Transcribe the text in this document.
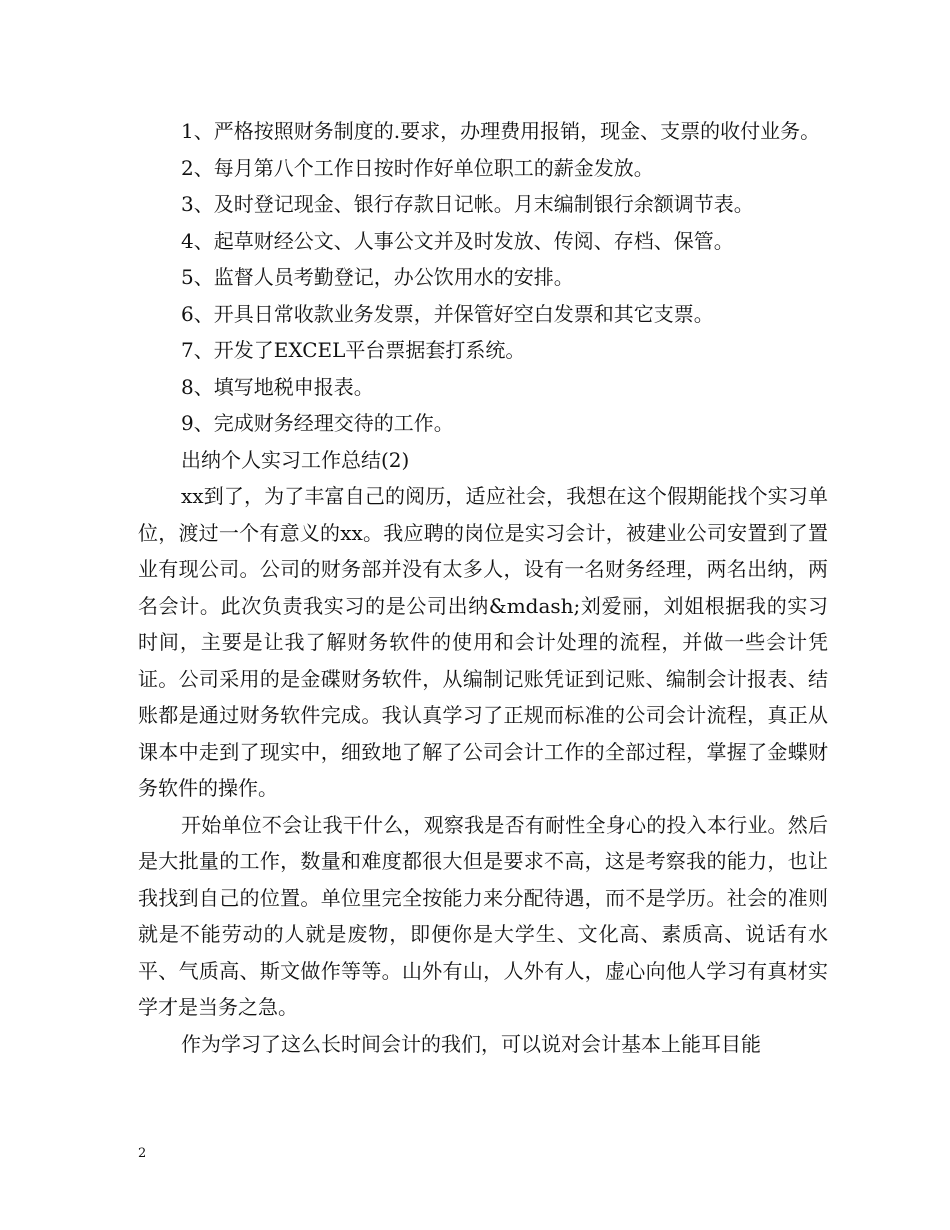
1、严格按照财务制度的.要求，办理费用报销，现金、支票的收付业务。

2、每月第八个工作日按时作好单位职工的薪金发放。

3、及时登记现金、银行存款日记帐。月末编制银行余额调节表。

4、起草财经公文、人事公文并及时发放、传阅、存档、保管。

5、监督人员考勤登记，办公饮用水的安排。

6、开具日常收款业务发票，并保管好空白发票和其它支票。

7、开发了EXCEL平台票据套打系统。

8、填写地税申报表。

9、完成财务经理交待的工作。

出纳个人实习工作总结(2)

xx到了，为了丰富自己的阅历，适应社会，我想在这个假期能找个实习单位，渡过一个有意义的xx。我应聘的岗位是实习会计，被建业公司安置到了置业有现公司。公司的财务部并没有太多人，设有一名财务经理，两名出纳，两名会计。此次负责我实习的是公司出纳&mdash;刘爱丽，刘姐根据我的实习时间，主要是让我了解财务软件的使用和会计处理的流程，并做一些会计凭证。公司采用的是金碟财务软件，从编制记账凭证到记账、编制会计报表、结账都是通过财务软件完成。我认真学习了正规而标准的公司会计流程，真正从课本中走到了现实中，细致地了解了公司会计工作的全部过程，掌握了金蝶财务软件的操作。

开始单位不会让我干什么，观察我是否有耐性全身心的投入本行业。然后是大批量的工作，数量和难度都很大但是要求不高，这是考察我的能力，也让我找到自己的位置。单位里完全按能力来分配待遇，而不是学历。社会的准则就是不能劳动的人就是废物，即便你是大学生、文化高、素质高、说话有水平、气质高、斯文做作等等。山外有山，人外有人，虚心向他人学习有真材实学才是当务之急。

作为学习了这么长时间会计的我们，可以说对会计基本上能耳目能

2
